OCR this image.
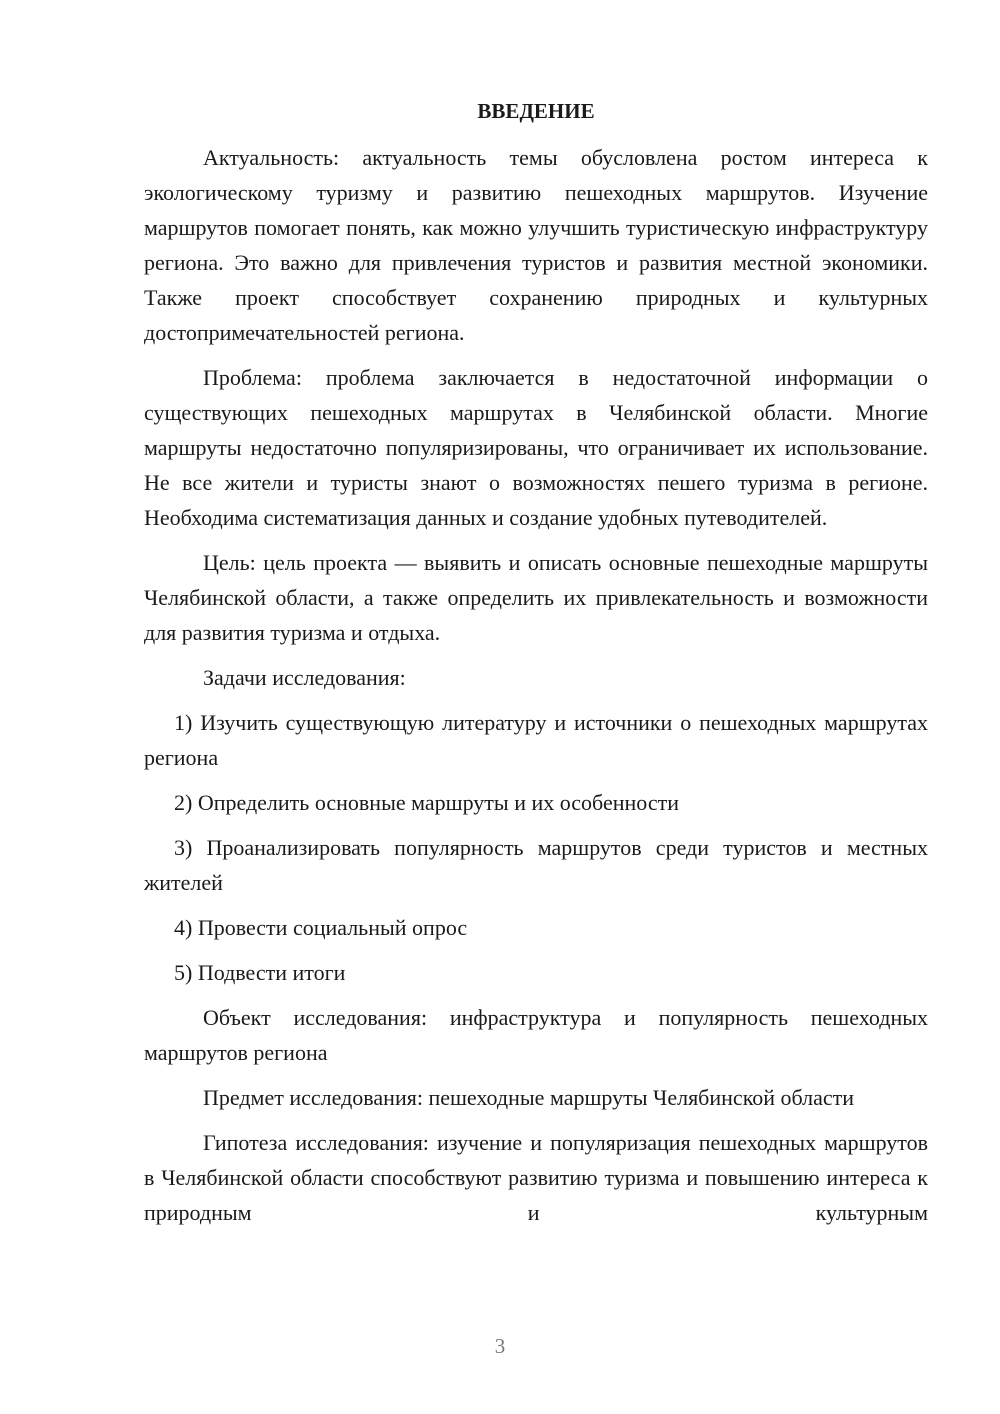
ВВЕДЕНИЕ

Актуальность: актуальность темы обусловлена ростом интереса к экологическому туризму и развитию пешеходных маршрутов. Изучение маршрутов помогает понять, как можно улучшить туристическую инфраструктуру региона. Это важно для привлечения туристов и развития местной экономики. Также проект способствует сохранению природных и культурных достопримечательностей региона.

Проблема: проблема заключается в недостаточной информации о существующих пешеходных маршрутах в Челябинской области. Многие маршруты недостаточно популяризированы, что ограничивает их использование. Не все жители и туристы знают о возможностях пешего туризма в регионе. Необходима систематизация данных и создание удобных путеводителей.

Цель: цель проекта — выявить и описать основные пешеходные маршруты Челябинской области, а также определить их привлекательность и возможности для развития туризма и отдыха.

Задачи исследования:

1) Изучить существующую литературу и источники о пешеходных маршрутах региона

2) Определить основные маршруты и их особенности

3) Проанализировать популярность маршрутов среди туристов и местных жителей

4) Провести социальный опрос

5) Подвести итоги

Объект исследования: инфраструктура и популярность пешеходных маршрутов региона

Предмет исследования: пешеходные маршруты Челябинской области

Гипотеза исследования: изучение и популяризация пешеходных маршрутов в Челябинской области способствуют развитию туризма и повышению интереса к природным и культурным

3
